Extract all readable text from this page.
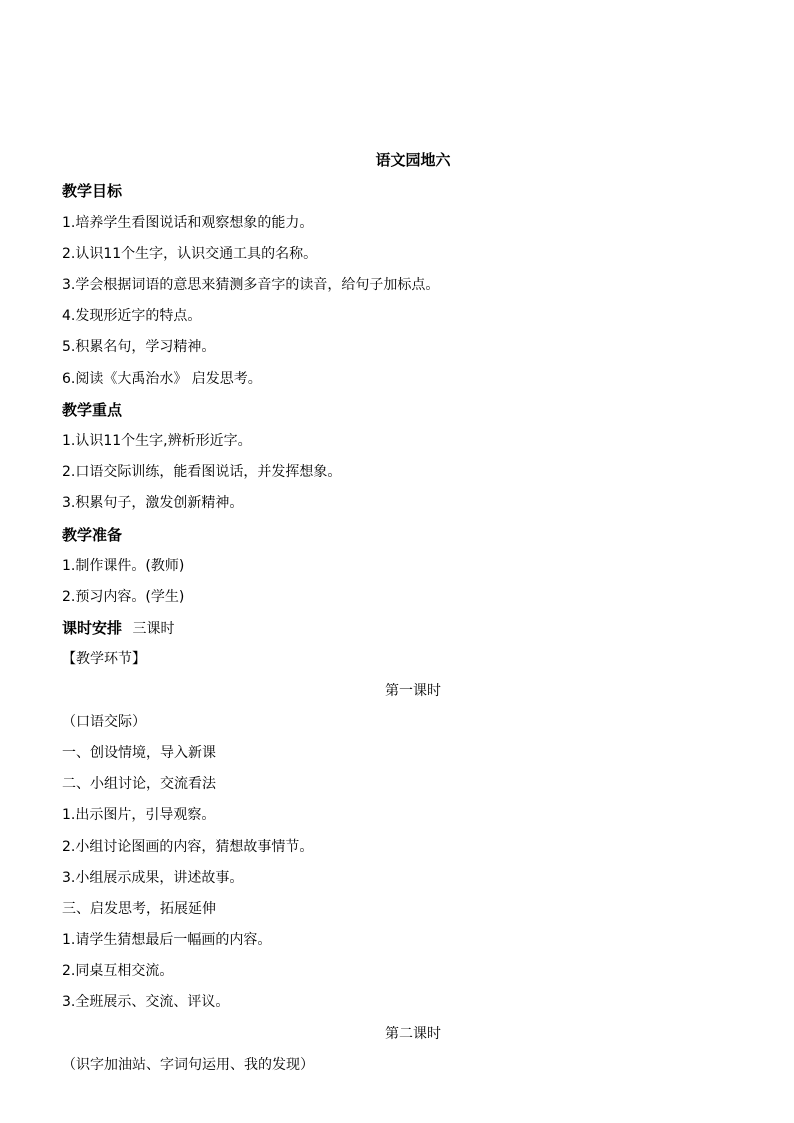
语文园地六
教学目标
1.培养学生看图说话和观察想象的能力。
2.认识11个生字，认识交通工具的名称。
3.学会根据词语的意思来猜测多音字的读音，给句子加标点。
4.发现形近字的特点。
5.积累名句，学习精神。
6.阅读《大禹治水》 启发思考。
教学重点
1.认识11个生字,辨析形近字。
2.口语交际训练，能看图说话，并发挥想象。
3.积累句子，激发创新精神。
教学准备
1.制作课件。(教师)
2.预习内容。(学生)
课时安排 三课时
【教学环节】
第一课时
（口语交际）
一、创设情境，导入新课
二、小组讨论，交流看法
1.出示图片，引导观察。
2.小组讨论图画的内容，猜想故事情节。
3.小组展示成果，讲述故事。
三、启发思考，拓展延伸
1.请学生猜想最后一幅画的内容。
2.同桌互相交流。
3.全班展示、交流、评议。
第二课时
（识字加油站、字词句运用、我的发现）
